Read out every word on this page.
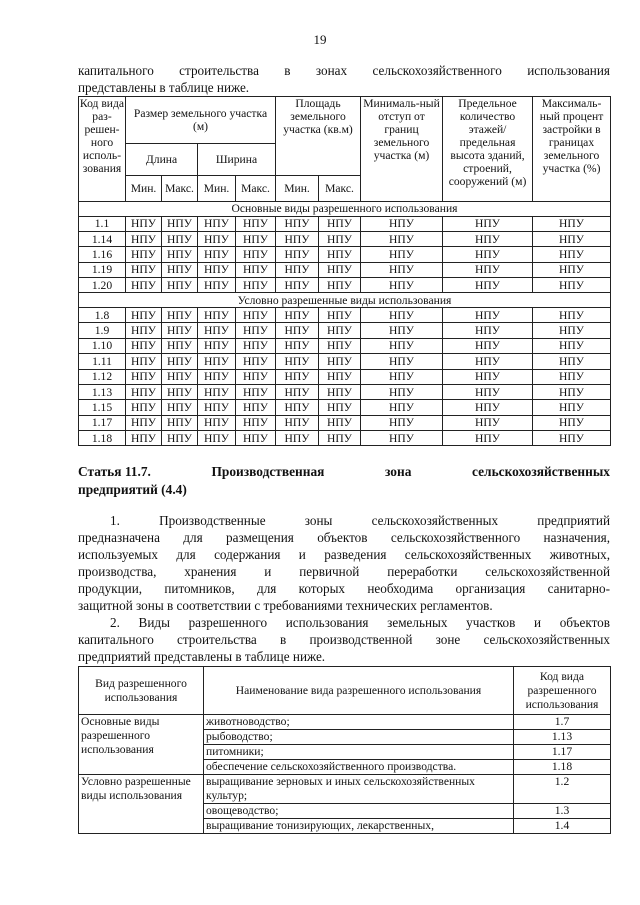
19
капитального строительства в зонах сельскохозяйственного использования
представлены в таблице ниже.
Код вида раз-решен-ного исполь-зования	Размер земельного участка (м)				Площадь земельного участка (кв.м)		Минималь-ный отступ от границ земельного участка (м)	Предельное количество этажей/ предельная высота зданий, строений, сооружений (м)	Максималь-ный процент застройки в границах земельного участка (%)
	Длина		Ширина						
	Мин.	Макс.	Мин.	Макс.	Мин.	Макс.			
Основные виды разрешенного использования									
1.1	НПУ	НПУ	НПУ	НПУ	НПУ	НПУ	НПУ	НПУ	НПУ
1.14	НПУ	НПУ	НПУ	НПУ	НПУ	НПУ	НПУ	НПУ	НПУ
1.16	НПУ	НПУ	НПУ	НПУ	НПУ	НПУ	НПУ	НПУ	НПУ
1.19	НПУ	НПУ	НПУ	НПУ	НПУ	НПУ	НПУ	НПУ	НПУ
1.20	НПУ	НПУ	НПУ	НПУ	НПУ	НПУ	НПУ	НПУ	НПУ
Условно разрешенные виды использования									
1.8	НПУ	НПУ	НПУ	НПУ	НПУ	НПУ	НПУ	НПУ	НПУ
1.9	НПУ	НПУ	НПУ	НПУ	НПУ	НПУ	НПУ	НПУ	НПУ
1.10	НПУ	НПУ	НПУ	НПУ	НПУ	НПУ	НПУ	НПУ	НПУ
1.11	НПУ	НПУ	НПУ	НПУ	НПУ	НПУ	НПУ	НПУ	НПУ
1.12	НПУ	НПУ	НПУ	НПУ	НПУ	НПУ	НПУ	НПУ	НПУ
1.13	НПУ	НПУ	НПУ	НПУ	НПУ	НПУ	НПУ	НПУ	НПУ
1.15	НПУ	НПУ	НПУ	НПУ	НПУ	НПУ	НПУ	НПУ	НПУ
1.17	НПУ	НПУ	НПУ	НПУ	НПУ	НПУ	НПУ	НПУ	НПУ
1.18	НПУ	НПУ	НПУ	НПУ	НПУ	НПУ	НПУ	НПУ	НПУ
Статья 11.7.	Производственная	зона	сельскохозяйственных
предприятий (4.4)

1. Производственные зоны сельскохозяйственных предприятий

предназначена для размещения объектов сельскохозяйственного назначения,

используемых для содержания и разведения сельскохозяйственных животных,

производства, хранения и первичной переработки сельскохозяйственной

продукции, питомников, для которых необходима организация санитарно-

защитной зоны в соответствии с требованиями технических регламентов.

2. Виды разрешенного использования земельных участков и объектов

капитального строительства в производственной зоне сельскохозяйственных

предприятий представлены в таблице ниже.

Вид разрешенного использования	Наименование вида разрешенного использования	Код вида разрешенного использования
Основные виды разрешенного использования	животноводство;	1.7
	рыбоводство;	1.13
	питомники;	1.17
	обеспечение сельскохозяйственного производства.	1.18
Условно разрешенные виды использования	выращивание зерновых и иных сельскохозяйственных культур;	1.2
	овощеводство;	1.3
	выращивание тонизирующих, лекарственных,	1.4
